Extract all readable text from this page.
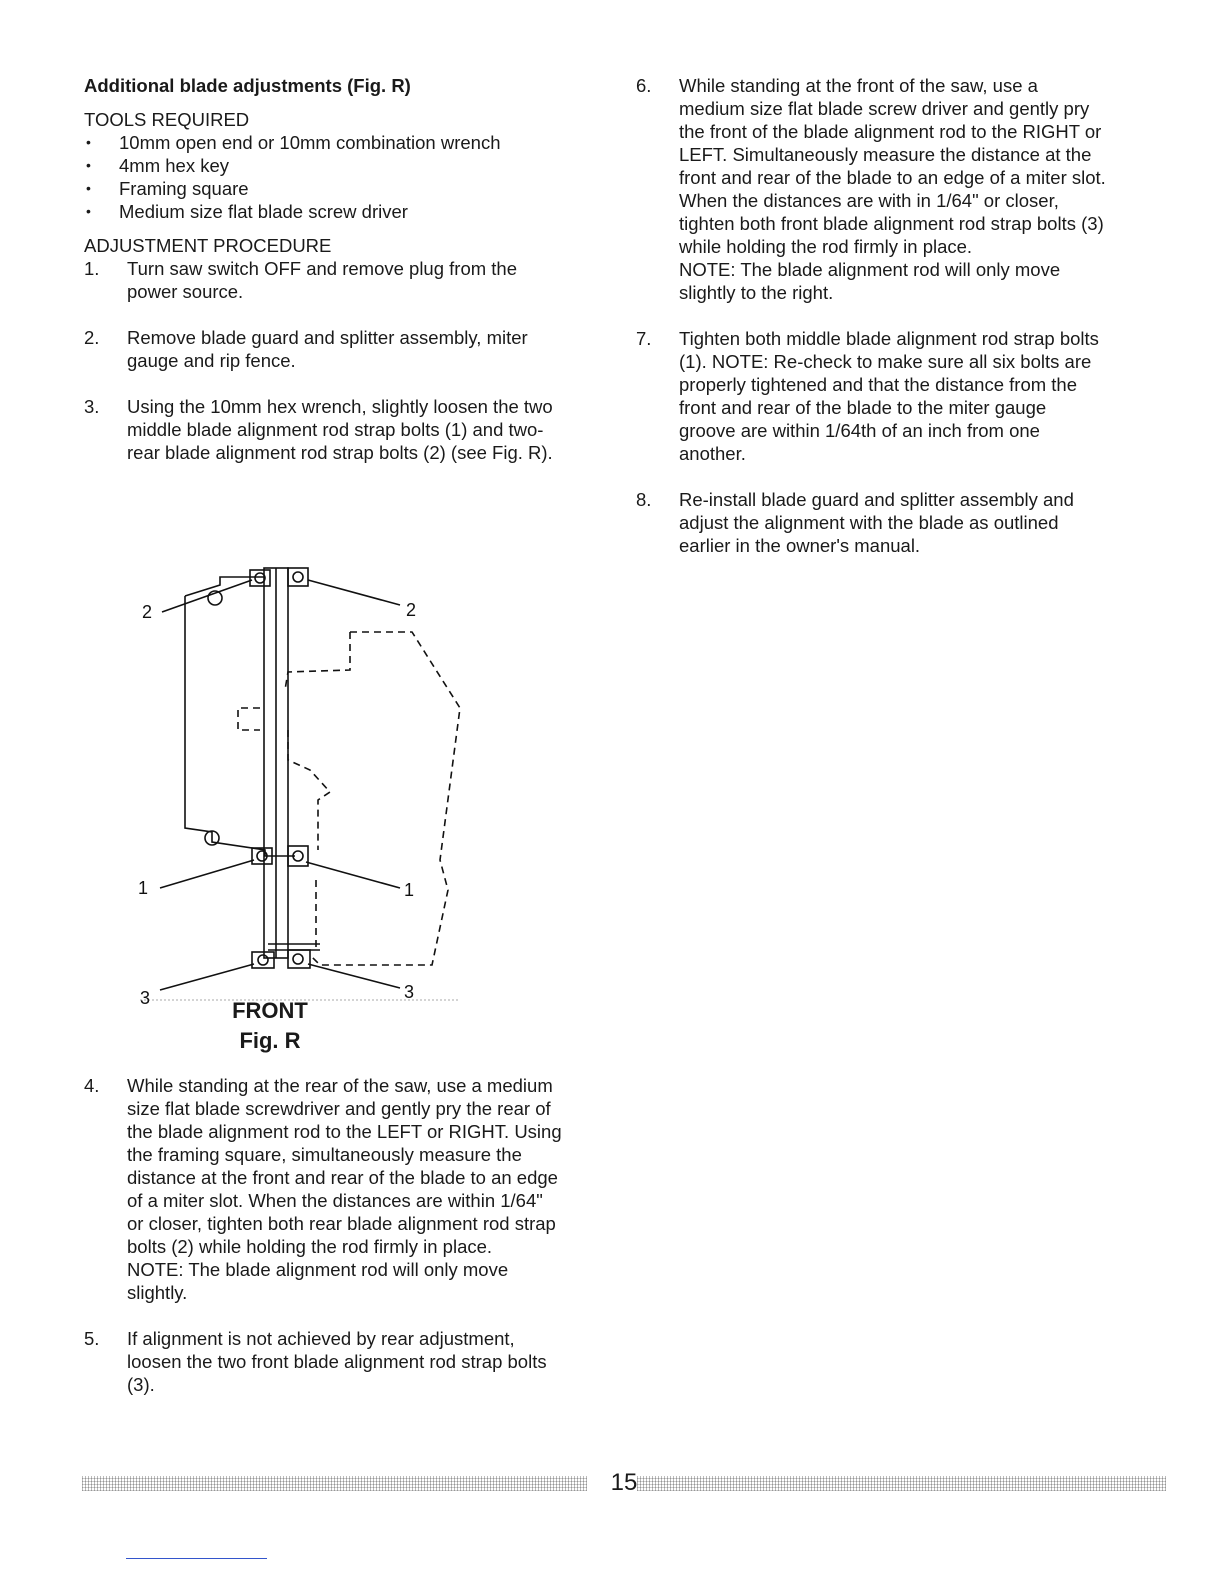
Additional blade adjustments (Fig. R)

TOOLS REQUIRED

• 10mm open end or 10mm combination wrench
• 4mm hex key
• Framing square
• Medium size flat blade screw driver

ADJUSTMENT PROCEDURE

1.	Turn saw switch OFF and remove plug from the power source.

2.	Remove blade guard and splitter assembly, miter gauge and rip fence.

3.	Using the 10mm hex wrench, slightly loosen the two middle blade alignment rod strap bolts (1) and two-rear blade alignment rod strap bolts (2) (see Fig. R).

2	2
1	1
3	3
FRONT
Fig. R
4.	While standing at the rear of the saw, use a medium size flat blade screwdriver and gently pry the rear of the blade alignment rod to the LEFT or RIGHT. Using the framing square, simultaneously measure the distance at the front and rear of the blade to an edge of a miter slot. When the distances are within 1/64" or closer, tighten both rear blade alignment rod strap bolts (2) while holding the rod firmly in place.

NOTE: The blade alignment rod will only move slightly.

5.	If alignment is not achieved by rear adjustment, loosen the two front blade alignment rod strap bolts (3).

6.	While standing at the front of the saw, use a medium size flat blade screw driver and gently pry the front of the blade alignment rod to the RIGHT or LEFT. Simultaneously measure the distance at the front and rear of the blade to an edge of a miter slot. When the distances are with in 1/64" or closer, tighten both front blade alignment rod strap bolts (3) while holding the rod firmly in place.

NOTE: The blade alignment rod will only move slightly to the right.

7.	Tighten both middle blade alignment rod strap bolts (1). NOTE: Re-check to make sure all six bolts are properly tightened and that the distance from the front and rear of the blade to the miter gauge groove are within 1/64th of an inch from one another.

8.	Re-install blade guard and splitter assembly and adjust the alignment with the blade as outlined earlier in the owner's manual.

15
